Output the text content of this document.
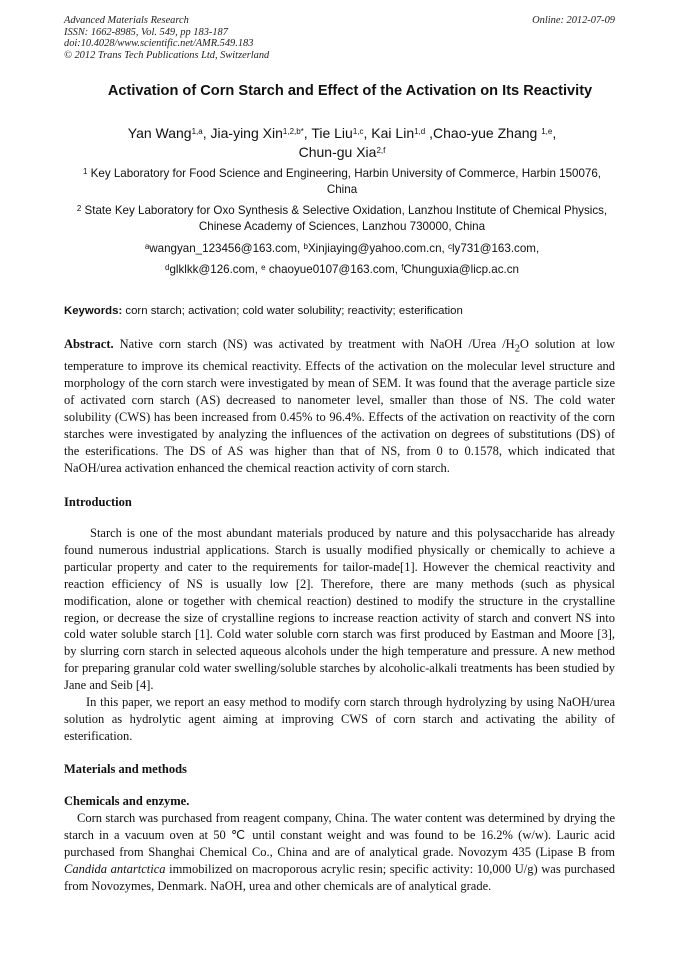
Advanced Materials Research
ISSN: 1662-8985, Vol. 549, pp 183-187
doi:10.4028/www.scientific.net/AMR.549.183
© 2012 Trans Tech Publications Ltd, Switzerland
Online: 2012-07-09
Activation of Corn Starch and Effect of the Activation on Its Reactivity
Yan Wang$^{1,a}$, Jia-ying Xin$^{1,2,b*}$, Tie Liu$^{1,c}$, Kai Lin$^{1,d}$ ,Chao-yue Zhang $^{1,e}$,
Chun-gu Xia$^{2,f}$
$^1$ Key Laboratory for Food Science and Engineering, Harbin University of Commerce, Harbin 150076, China
$^2$ State Key Laboratory for Oxo Synthesis & Selective Oxidation, Lanzhou Institute of Chemical Physics, Chinese Academy of Sciences, Lanzhou 730000, China

$^a$wangyan_123456@163.com, $^b$Xinjiaying@yahoo.com.cn, $^c$ly731@163.com,

$^d$glklkk@126.com, $^e$ chaoyue0107@163.com, $^f$Chunguxia@licp.ac.cn

Keywords: corn starch; activation; cold water solubility; reactivity; esterification

Abstract. Native corn starch (NS) was activated by treatment with NaOH /Urea $/H_2O$ solution at low temperature to improve its chemical reactivity. Effects of the activation on the molecular level structure and morphology of the corn starch were investigated by mean of SEM. It was found that the average particle size of activated corn starch (AS) decreased to nanometer level, smaller than those of NS. The cold water solubility (CWS) has been increased from 0.45% to 96.4%. Effects of the activation on reactivity of the corn starches were investigated by analyzing the influences of the activation on degrees of substitutions (DS) of the esterifications. The DS of AS was higher than that of NS, from 0 to 0.1578, which indicated that NaOH/urea activation enhanced the chemical reaction activity of corn starch.

Introduction

Starch is one of the most abundant materials produced by nature and this polysaccharide has already found numerous industrial applications. Starch is usually modified physically or chemically to achieve a particular property and cater to the requirements for tailor-made[1]. However the chemical reactivity and reaction efficiency of NS is usually low [2]. Therefore, there are many methods (such as physical modification, alone or together with chemical reaction) destined to modify the structure in the crystalline region, or decrease the size of crystalline regions to increase reaction activity of starch and convert NS into cold water soluble starch [1]. Cold water soluble corn starch was first produced by Eastman and Moore [3], by slurring corn starch in selected aqueous alcohols under the high temperature and pressure. A new method for preparing granular cold water swelling/soluble starches by alcoholic-alkali treatments has been studied by Jane and Seib [4].

In this paper, we report an easy method to modify corn starch through hydrolyzing by using NaOH/urea solution as hydrolytic agent aiming at improving CWS of corn starch and activating the ability of esterification.

Materials and methods
Chemicals and enzyme.

Corn starch was purchased from reagent company, China. The water content was determined by drying the starch in a vacuum oven at 50 ℃ until constant weight and was found to be 16.2% (w/w). Lauric acid purchased from Shanghai Chemical Co., China and are of analytical grade. Novozym 435 (Lipase B from Candida antartctica immobilized on macroporous acrylic resin; specific activity: 10,000 U/g) was purchased from Novozymes, Denmark. NaOH, urea and other chemicals are of analytical grade.
